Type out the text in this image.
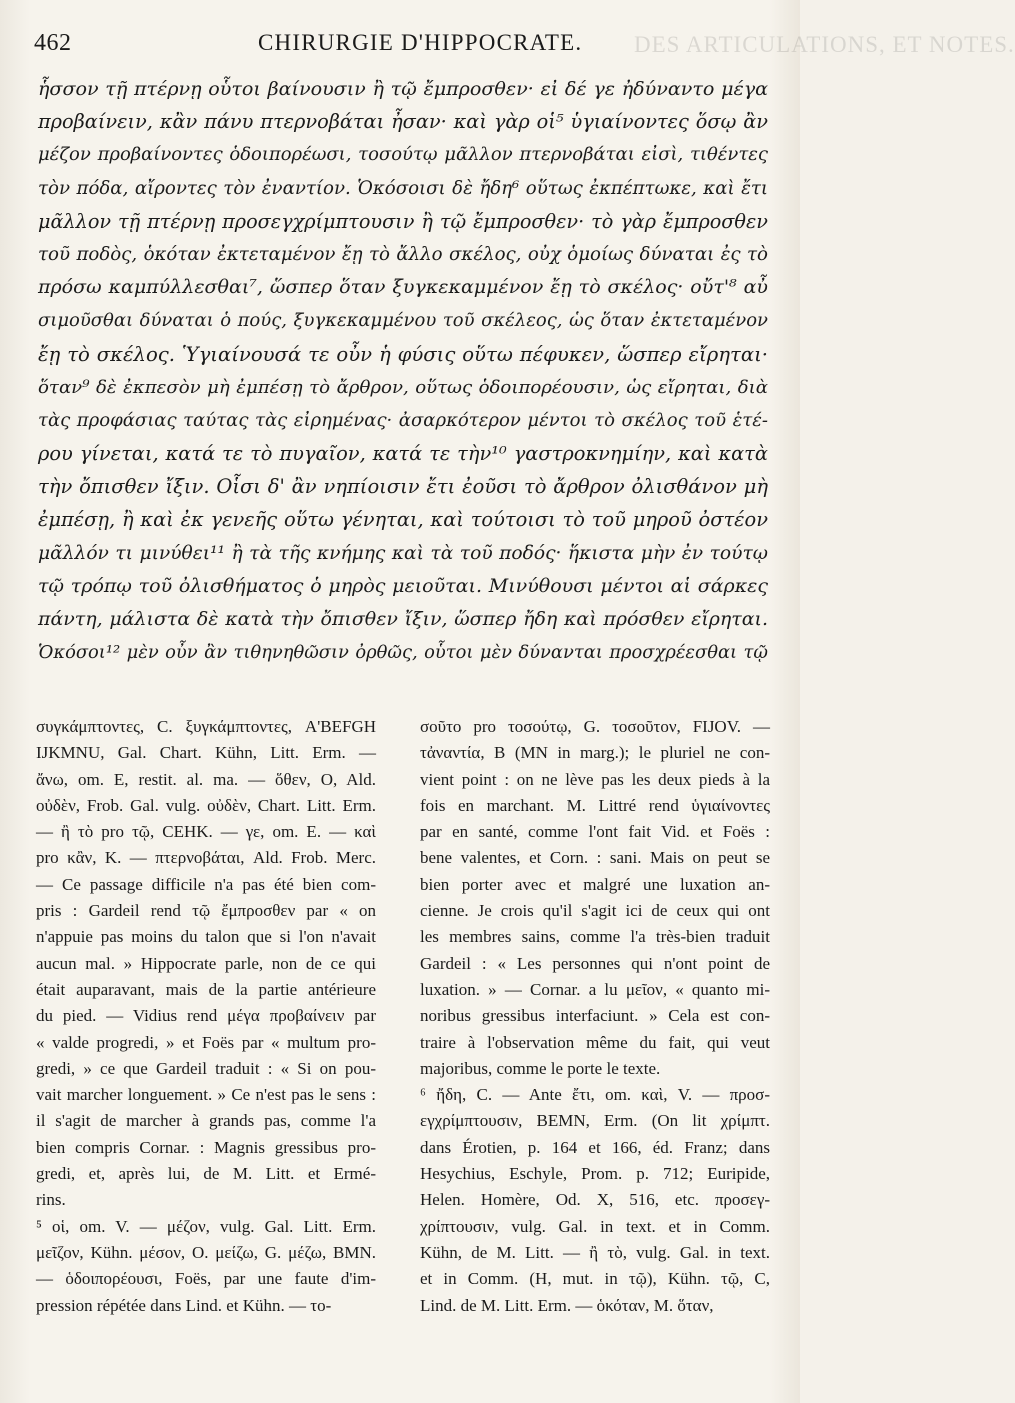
462	CHIRURGIE D'HIPPOCRATE. DES ARTICULATIONS, ET NOTES.
ἧσσον τῇ πτέρνῃ οὗτοι βαίνουσιν ἢ τῷ ἔμπροσθεν· εἰ δέ γε ἠδύναντο μέγα
προβαίνειν, κἂν πάνυ πτερνοβάται ἦσαν· καὶ γὰρ οἱ⁵ ὑγιαίνοντες ὅσῳ ἂν
μέζον προβαίνοντες ὁδοιπορέωσι, τοσούτῳ μᾶλλον πτερνοβάται εἰσὶ, τιθέντες
τὸν πόδα, αἴροντες τὸν ἐναντίον. Ὁκόσοισι δὲ ἤδη⁶ οὕτως ἐκπέπτωκε, καὶ ἔτι
μᾶλλον τῇ πτέρνῃ προσεγχρίμπτουσιν ἢ τῷ ἔμπροσθεν· τὸ γὰρ ἔμπροσθεν
τοῦ ποδὸς, ὁκόταν ἐκτεταμένον ἔῃ τὸ ἄλλο σκέλος, οὐχ ὁμοίως δύναται ἐς τὸ
πρόσω καμπύλλεσθαι⁷, ὥσπερ ὅταν ξυγκεκαμμένον ἔῃ τὸ σκέλος· οὔτ'⁸ αὖ
σιμοῦσθαι δύναται ὁ πούς, ξυγκεκαμμένου τοῦ σκέλεος, ὡς ὅταν ἐκτεταμένον
ἔῃ τὸ σκέλος. Ὑγιαίνουσά τε οὖν ἡ φύσις οὕτω πέφυκεν, ὥσπερ εἴρηται·
ὅταν⁹ δὲ ἐκπεσὸν μὴ ἐμπέσῃ τὸ ἄρθρον, οὕτως ὁδοιπορέουσιν, ὡς εἴρηται, διὰ
τὰς προφάσιας ταύτας τὰς εἰρημένας· ἀσαρκότερον μέντοι τὸ σκέλος τοῦ ἑτέ-
ρου γίνεται, κατά τε τὸ πυγαῖον, κατά τε τὴν¹⁰ γαστροκνημίην, καὶ κατὰ
τὴν ὄπισθεν ἴξιν. Οἷσι δ' ἂν νηπίοισιν ἔτι ἐοῦσι τὸ ἄρθρον ὀλισθάνον μὴ
ἐμπέσῃ, ἢ καὶ ἐκ γενεῆς οὕτω γένηται, καὶ τούτοισι τὸ τοῦ μηροῦ ὀστέον
μᾶλλόν τι μινύθει¹¹ ἢ τὰ τῆς κνήμης καὶ τὰ τοῦ ποδός· ἥκιστα μὴν ἐν τούτῳ
τῷ τρόπῳ τοῦ ὀλισθήματος ὁ μηρὸς μειοῦται. Μινύθουσι μέντοι αἱ σάρκες
πάντη, μάλιστα δὲ κατὰ τὴν ὄπισθεν ἴξιν, ὥσπερ ἤδη καὶ πρόσθεν εἴρηται.
Ὁκόσοι¹² μὲν οὖν ἂν τιθηνηθῶσιν ὀρθῶς, οὗτοι μὲν δύνανται προσχρέεσθαι τῷ
συγκάμπτοντες, C. ξυγκάμπτοντες, A'BEFGH
IJKMNU, Gal. Chart. Kühn, Litt. Erm. —
ἄνω, om. E, restit. al. ma. — ὅθεν, O, Ald.
οὐδὲν, Frob. Gal. vulg. οὐδὲν, Chart. Litt. Erm.
— ἢ τὸ pro τῷ, CEHK. — γε, om. E. — καὶ
pro κἂν, K. — πτερνοβάται, Ald. Frob. Merc.
— Ce passage difficile n'a pas été bien com-
pris : Gardeil rend τῷ ἔμπροσθεν par « on
n'appuie pas moins du talon que si l'on n'avait
aucun mal. » Hippocrate parle, non de ce qui
était auparavant, mais de la partie antérieure
du pied. — Vidius rend μέγα προβαίνειν par
« valde progredi, » et Foës par « multum pro-
gredi, » ce que Gardeil traduit : « Si on pou-
vait marcher longuement. » Ce n'est pas le sens :
il s'agit de marcher à grands pas, comme l'a
bien compris Cornar. : Magnis gressibus pro-
gredi, et, après lui, de M. Litt. et Ermé-
rins.
⁵ οἱ, om. V. — μέζον, vulg. Gal. Litt. Erm.
μεῖζον, Kühn. μέσον, O. μείζω, G. μέζω, BMN.
— ὁδοιπορέουσι, Foës, par une faute d'im-
pression répétée dans Lind. et Kühn. — το-
σοῦτο pro τοσούτῳ, G. τοσοῦτον, FIJOV. —
τἀναντία, B (MN in marg.); le pluriel ne con-
vient point : on ne lève pas les deux pieds à la
fois en marchant. M. Littré rend ὑγιαίνοντες
par en santé, comme l'ont fait Vid. et Foës :
bene valentes, et Corn. : sani. Mais on peut se
bien porter avec et malgré une luxation an-
cienne. Je crois qu'il s'agit ici de ceux qui ont
les membres sains, comme l'a très-bien traduit
Gardeil : « Les personnes qui n'ont point de
luxation. » — Cornar. a lu μεῖον, « quanto mi-
noribus gressibus interfaciunt. » Cela est con-
traire à l'observation même du fait, qui veut
majoribus, comme le porte le texte.
⁶ ἤδη, C. — Ante ἔτι, om. καὶ, V. — προσ-
εγχρίμπτουσιν, BEMN, Erm. (On lit χρίμπτ.
dans Érotien, p. 164 et 166, éd. Franz; dans
Hesychius, Eschyle, Prom. p. 712; Euripide,
Helen. Homère, Od. X, 516, etc. προσεγ-
χρίπτουσιν, vulg. Gal. in text. et in Comm.
Kühn, de M. Litt. — ἢ τὸ, vulg. Gal. in text.
et in Comm. (H, mut. in τῷ), Kühn. τῷ, C,
Lind. de M. Litt. Erm. — ὁκόταν, M. ὅταν,
